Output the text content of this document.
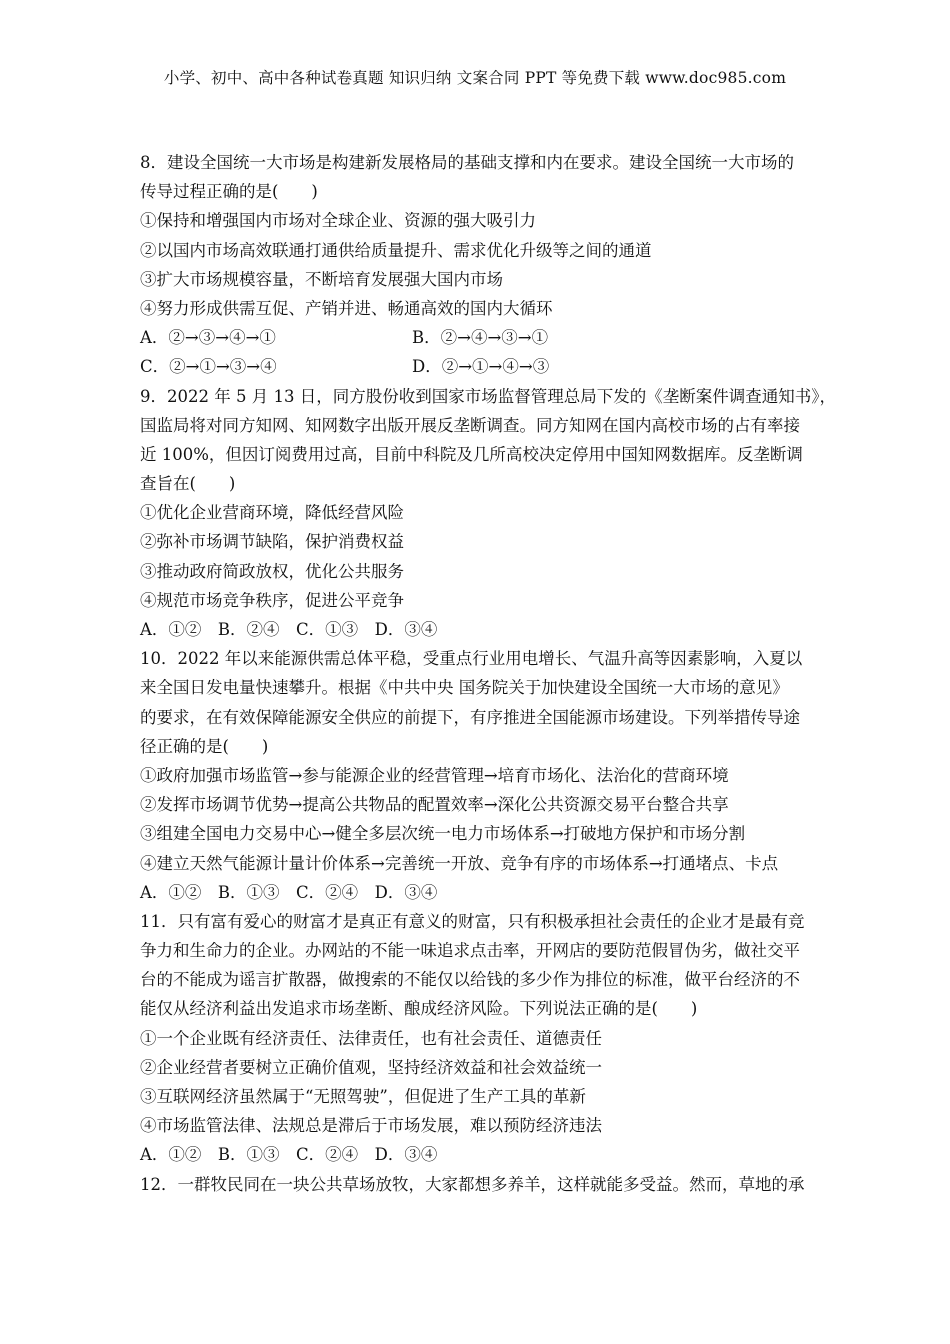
小学、初中、高中各种试卷真题 知识归纳 文案合同 PPT 等免费下载 www.doc985.com
8．建设全国统一大市场是构建新发展格局的基础支撑和内在要求。建设全国统一大市场的
传导过程正确的是(　　)
①保持和增强国内市场对全球企业、资源的强大吸引力
②以国内市场高效联通打通供给质量提升、需求优化升级等之间的通道
③扩大市场规模容量，不断培育发展强大国内市场
④努力形成供需互促、产销并进、畅通高效的国内大循环
A．②→③→④→①	B．②→④→③→①
C．②→①→③→④	D．②→①→④→③
9．2022 年 5 月 13 日，同方股份收到国家市场监督管理总局下发的《垄断案件调查通知书》，
国监局将对同方知网、知网数字出版开展反垄断调查。同方知网在国内高校市场的占有率接
近 100%，但因订阅费用过高，目前中科院及几所高校决定停用中国知网数据库。反垄断调
查旨在(　　)
①优化企业营商环境，降低经营风险
②弥补市场调节缺陷，保护消费权益
③推动政府简政放权，优化公共服务
④规范市场竞争秩序，促进公平竞争
A．①②　B．②④　C．①③　D．③④
10．2022 年以来能源供需总体平稳，受重点行业用电增长、气温升高等因素影响，入夏以
来全国日发电量快速攀升。根据《中共中央 国务院关于加快建设全国统一大市场的意见》
的要求，在有效保障能源安全供应的前提下，有序推进全国能源市场建设。下列举措传导途
径正确的是(　　)
①政府加强市场监管→参与能源企业的经营管理→培育市场化、法治化的营商环境
②发挥市场调节优势→提高公共物品的配置效率→深化公共资源交易平台整合共享
③组建全国电力交易中心→健全多层次统一电力市场体系→打破地方保护和市场分割
④建立天然气能源计量计价体系→完善统一开放、竞争有序的市场体系→打通堵点、卡点
A．①②　B．①③　C．②④　D．③④
11．只有富有爱心的财富才是真正有意义的财富，只有积极承担社会责任的企业才是最有竞
争力和生命力的企业。办网站的不能一味追求点击率，开网店的要防范假冒伪劣，做社交平
台的不能成为谣言扩散器，做搜索的不能仅以给钱的多少作为排位的标准，做平台经济的不
能仅从经济利益出发追求市场垄断、酿成经济风险。下列说法正确的是(　　)
①一个企业既有经济责任、法律责任，也有社会责任、道德责任
②企业经营者要树立正确价值观，坚持经济效益和社会效益统一
③互联网经济虽然属于“无照驾驶”，但促进了生产工具的革新
④市场监管法律、法规总是滞后于市场发展，难以预防经济违法
A．①②　B．①③　C．②④　D．③④
12．一群牧民同在一块公共草场放牧，大家都想多养羊，这样就能多受益。然而，草地的承
